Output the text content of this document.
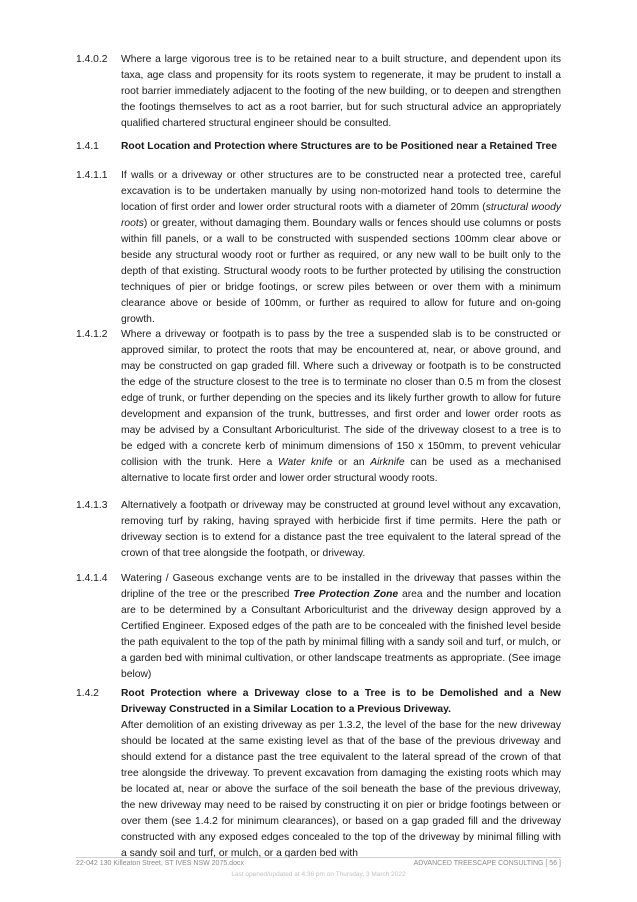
1.4.0.2	Where a large vigorous tree is to be retained near to a built structure, and dependent upon its taxa, age class and propensity for its roots system to regenerate, it may be prudent to install a root barrier immediately adjacent to the footing of the new building, or to deepen and strengthen the footings themselves to act as a root barrier, but for such structural advice an appropriately qualified chartered structural engineer should be consulted.
1.4.1	Root Location and Protection where Structures are to be Positioned near a Retained Tree
1.4.1.1	If walls or a driveway or other structures are to be constructed near a protected tree, careful excavation is to be undertaken manually by using non-motorized hand tools to determine the location of first order and lower order structural roots with a diameter of 20mm (structural woody roots) or greater, without damaging them. Boundary walls or fences should use columns or posts within fill panels, or a wall to be constructed with suspended sections 100mm clear above or beside any structural woody root or further as required, or any new wall to be built only to the depth of that existing. Structural woody roots to be further protected by utilising the construction techniques of pier or bridge footings, or screw piles between or over them with a minimum clearance above or beside of 100mm, or further as required to allow for future and on-going growth.
1.4.1.2	Where a driveway or footpath is to pass by the tree a suspended slab is to be constructed or approved similar, to protect the roots that may be encountered at, near, or above ground, and may be constructed on gap graded fill. Where such a driveway or footpath is to be constructed the edge of the structure closest to the tree is to terminate no closer than 0.5 m from the closest edge of trunk, or further depending on the species and its likely further growth to allow for future development and expansion of the trunk, buttresses, and first order and lower order roots as may be advised by a Consultant Arboriculturist. The side of the driveway closest to a tree is to be edged with a concrete kerb of minimum dimensions of 150 x 150mm, to prevent vehicular collision with the trunk. Here a Water knife or an Airknife can be used as a mechanised alternative to locate first order and lower order structural woody roots.
1.4.1.3	Alternatively a footpath or driveway may be constructed at ground level without any excavation, removing turf by raking, having sprayed with herbicide first if time permits. Here the path or driveway section is to extend for a distance past the tree equivalent to the lateral spread of the crown of that tree alongside the footpath, or driveway.
1.4.1.4	Watering / Gaseous exchange vents are to be installed in the driveway that passes within the dripline of the tree or the prescribed Tree Protection Zone area and the number and location are to be determined by a Consultant Arboriculturist and the driveway design approved by a Certified Engineer. Exposed edges of the path are to be concealed with the finished level beside the path equivalent to the top of the path by minimal filling with a sandy soil and turf, or mulch, or a garden bed with minimal cultivation, or other landscape treatments as appropriate. (See image below)
1.4.2	Root Protection where a Driveway close to a Tree is to be Demolished and a New Driveway Constructed in a Similar Location to a Previous Driveway.
After demolition of an existing driveway as per 1.3.2, the level of the base for the new driveway should be located at the same existing level as that of the base of the previous driveway and should extend for a distance past the tree equivalent to the lateral spread of the crown of that tree alongside the driveway. To prevent excavation from damaging the existing roots which may be located at, near or above the surface of the soil beneath the base of the previous driveway, the new driveway may need to be raised by constructing it on pier or bridge footings between or over them (see 1.4.2 for minimum clearances), or based on a gap graded fill and the driveway constructed with any exposed edges concealed to the top of the driveway by minimal filling with a sandy soil and turf, or mulch, or a garden bed with
22-042 130 Killeaton Street, ST IVES NSW 2075.docx	ADVANCED TREESCAPE CONSULTING [ 56 ]
Last opened/updated at 4:36 pm on Thursday, 3 March 2022
